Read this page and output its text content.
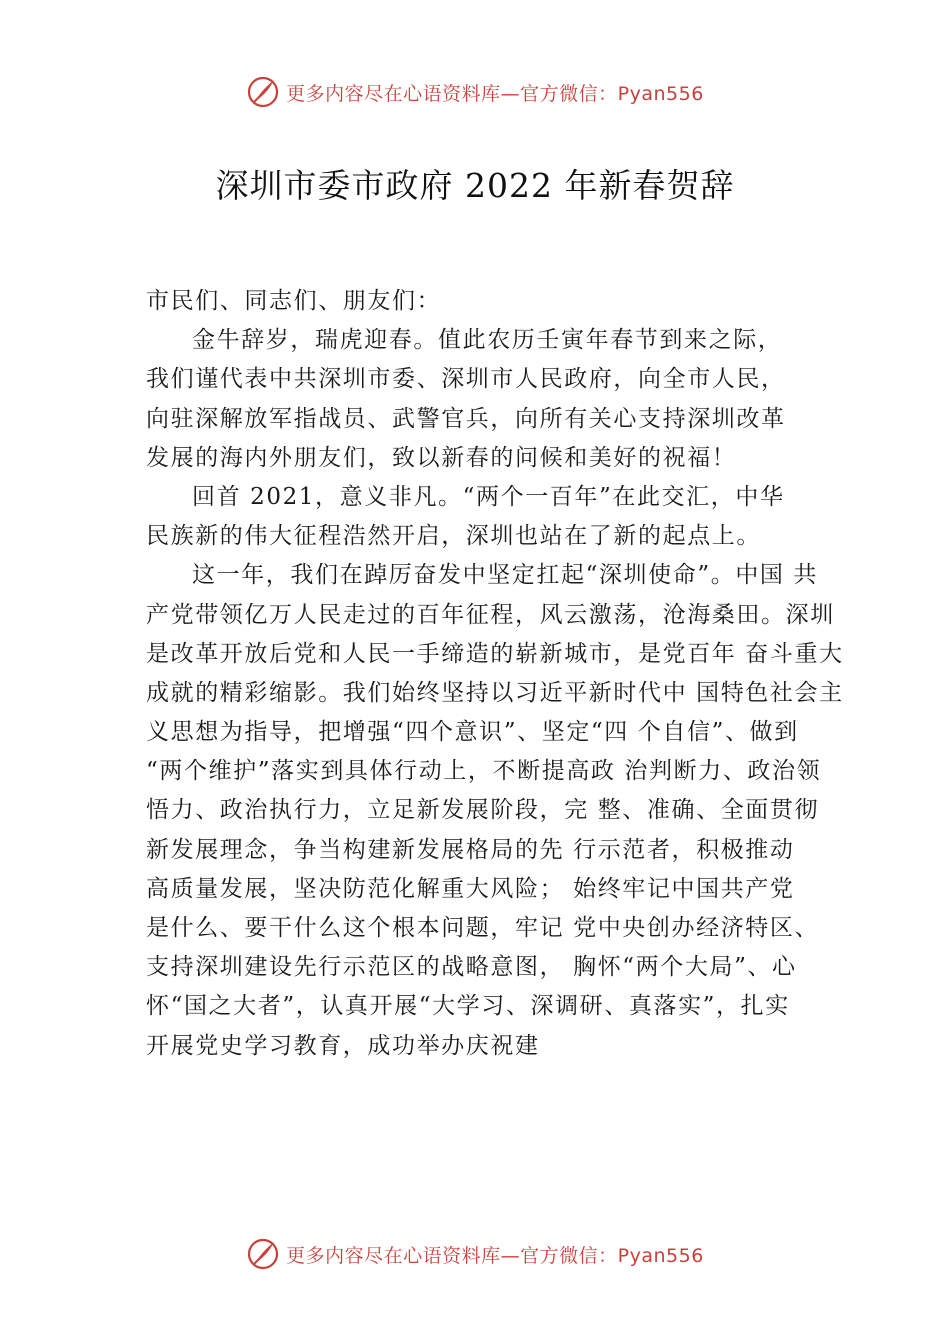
更多内容尽在心语资料库—官方微信：Pyan556
深圳市委市政府 2022 年新春贺辞
市民们、同志们、朋友们：
金牛辞岁，瑞虎迎春。值此农历壬寅年春节到来之际，
我们谨代表中共深圳市委、深圳市人民政府，向全市人民，
向驻深解放军指战员、武警官兵，向所有关心支持深圳改革
发展的海内外朋友们，致以新春的问候和美好的祝福！
回首 2021，意义非凡。“两个一百年”在此交汇，中华
民族新的伟大征程浩然开启，深圳也站在了新的起点上。
这一年，我们在踔厉奋发中坚定扛起“深圳使命”。中国 共
产党带领亿万人民走过的百年征程，风云激荡，沧海桑田。深圳
是改革开放后党和人民一手缔造的崭新城市，是党百年 奋斗重大
成就的精彩缩影。我们始终坚持以习近平新时代中 国特色社会主
义思想为指导，把增强“四个意识”、坚定“四 个自信”、做到
“两个维护”落实到具体行动上，不断提高政 治判断力、政治领
悟力、政治执行力，立足新发展阶段，完 整、准确、全面贯彻
新发展理念，争当构建新发展格局的先 行示范者，积极推动
高质量发展，坚决防范化解重大风险； 始终牢记中国共产党
是什么、要干什么这个根本问题，牢记 党中央创办经济特区、
支持深圳建设先行示范区的战略意图， 胸怀“两个大局”、心
怀“国之大者”，认真开展“大学习、深调研、真落实”，扎实
开展党史学习教育，成功举办庆祝建
更多内容尽在心语资料库—官方微信：Pyan556
